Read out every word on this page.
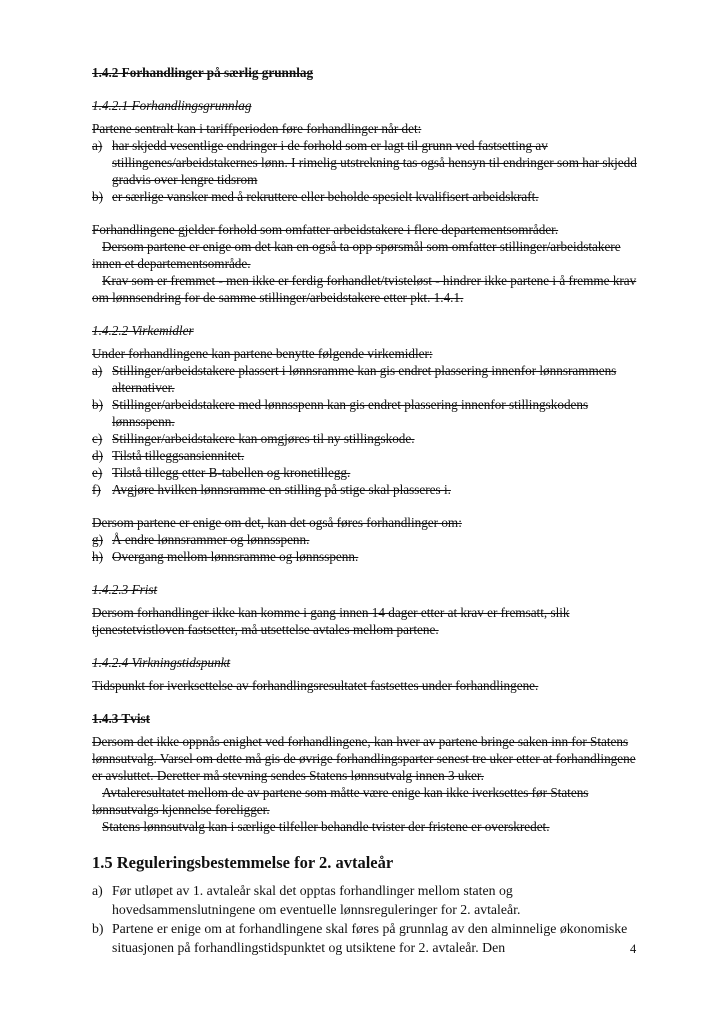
1.4.2 Forhandlinger på særlig grunnlag

1.4.2.1 Forhandlingsgrunnlag

Partene sentralt kan i tariffperioden føre forhandlinger når det:

a) har skjedd vesentlige endringer i de forhold som er lagt til grunn ved fastsetting av stillingenes/arbeidstakernes lønn. I rimelig utstrekning tas også hensyn til endringer som har skjedd gradvis over lengre tidsrom
b) er særlige vansker med å rekruttere eller beholde spesielt kvalifisert arbeidskraft.

Forhandlingene gjelder forhold som omfatter arbeidstakere i flere departementsområder.

Dersom partene er enige om det kan en også ta opp spørsmål som omfatter stillinger/arbeidstakere innen et departementsområde.

Krav som er fremmet - men ikke er ferdig forhandlet/tvisteløst - hindrer ikke partene i å fremme krav om lønnsendring for de samme stillinger/arbeidstakere etter pkt. 1.4.1.

1.4.2.2 Virkemidler

Under forhandlingene kan partene benytte følgende virkemidler:

a) Stillinger/arbeidstakere plassert i lønnsramme kan gis endret plassering innenfor lønnsrammens alternativer.
b) Stillinger/arbeidstakere med lønnsspenn kan gis endret plassering innenfor stillingskodens lønnsspenn.
c) Stillinger/arbeidstakere kan omgjøres til ny stillingskode.
d) Tilstå tilleggsansiennitet.
e) Tilstå tillegg etter B-tabellen og kronetillegg.
f) Avgjøre hvilken lønnsramme en stilling på stige skal plasseres i.

Dersom partene er enige om det, kan det også føres forhandlinger om:

g) Å endre lønnsrammer og lønnsspenn.
h) Overgang mellom lønnsramme og lønnsspenn.

1.4.2.3 Frist

Dersom forhandlinger ikke kan komme i gang innen 14 dager etter at krav er fremsatt, slik tjenestetvistloven fastsetter, må utsettelse avtales mellom partene.

1.4.2.4 Virkningstidspunkt

Tidspunkt for iverksettelse av forhandlingsresultatet fastsettes under forhandlingene.

1.4.3 Tvist

Dersom det ikke oppnås enighet ved forhandlingene, kan hver av partene bringe saken inn for Statens lønnsutvalg. Varsel om dette må gis de øvrige forhandlingsparter senest tre uker etter at forhandlingene er avsluttet. Deretter må stevning sendes Statens lønnsutvalg innen 3 uker.

Avtaleresultatet mellom de av partene som måtte være enige kan ikke iverksettes før Statens lønnsutvalgs kjennelse foreligger.

Statens lønnsutvalg kan i særlige tilfeller behandle tvister der fristene er overskredet.

1.5 Reguleringsbestemmelse for 2. avtaleår

a) Før utløpet av 1. avtaleår skal det opptas forhandlinger mellom staten og hovedsammenslutningene om eventuelle lønnsreguleringer for 2. avtaleår.
b) Partene er enige om at forhandlingene skal føres på grunnlag av den alminnelige økonomiske situasjonen på forhandlingstidspunktet og utsiktene for 2. avtaleår. Den	4
